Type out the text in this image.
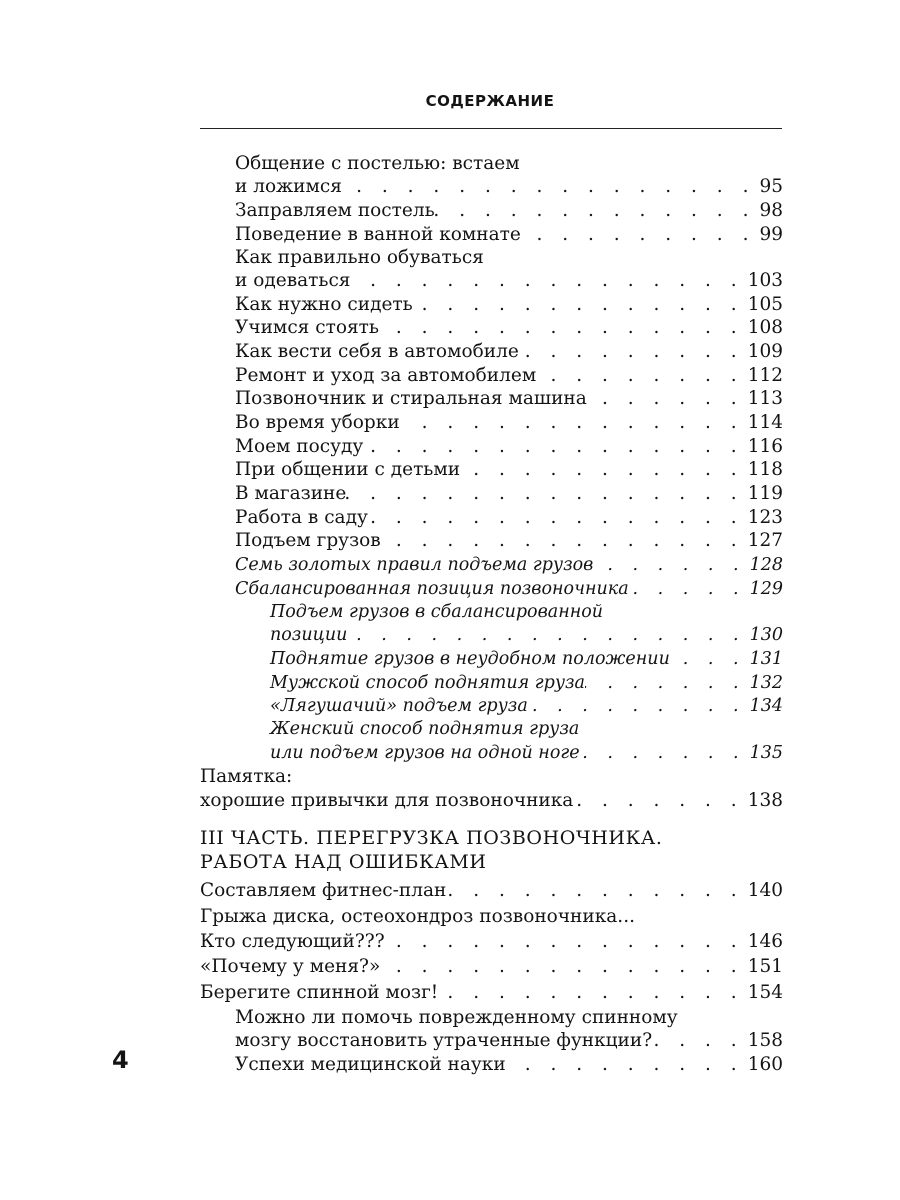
СОДЕРЖАНИЕ
Общение с постелью: встаем
и ложимся . . .	95
Заправляем постель . . .	98
Поведение в ванной комнате . . .	99
Как правильно обуваться
и одеваться . . .	103
Как нужно сидеть . . .	105
Учимся стоять . . .	108
Как вести себя в автомобиле . . .	109
Ремонт и уход за автомобилем . . .	112
Позвоночник и стиральная машина . . .	113
Во время уборки . . .	114
Моем посуду . . .	116
При общении с детьми . . .	118
В магазине . . .	119
Работа в саду . . .	123
Подъем грузов . . .	127
Семь золотых правил подъема грузов . . .	128
Сбалансированная позиция позвоночника . . .	129
Подъем грузов в сбалансированной
позиции . . .	130
Поднятие грузов в неудобном положении . . .	131
Мужской способ поднятия груза . . .	132
«Лягушачий» подъем груза . . .	134
Женский способ поднятия груза
или подъем грузов на одной ноге . . .	135
Памятка:
хорошие привычки для позвоночника . . .	138
III ЧАСТЬ. ПЕРЕГРУЗКА ПОЗВОНОЧНИКА.
РАБОТА НАД ОШИБКАМИ
Составляем фитнес-план . . .	140
Грыжа диска, остеохондроз позвоночника...
Кто следующий??? . . .	146
«Почему у меня?» . . .	151
Берегите спинной мозг! . . .	154
Можно ли помочь поврежденному спинному
мозгу восстановить утраченные функции? . . .	158
Успехи медицинской науки . . .	160
4
